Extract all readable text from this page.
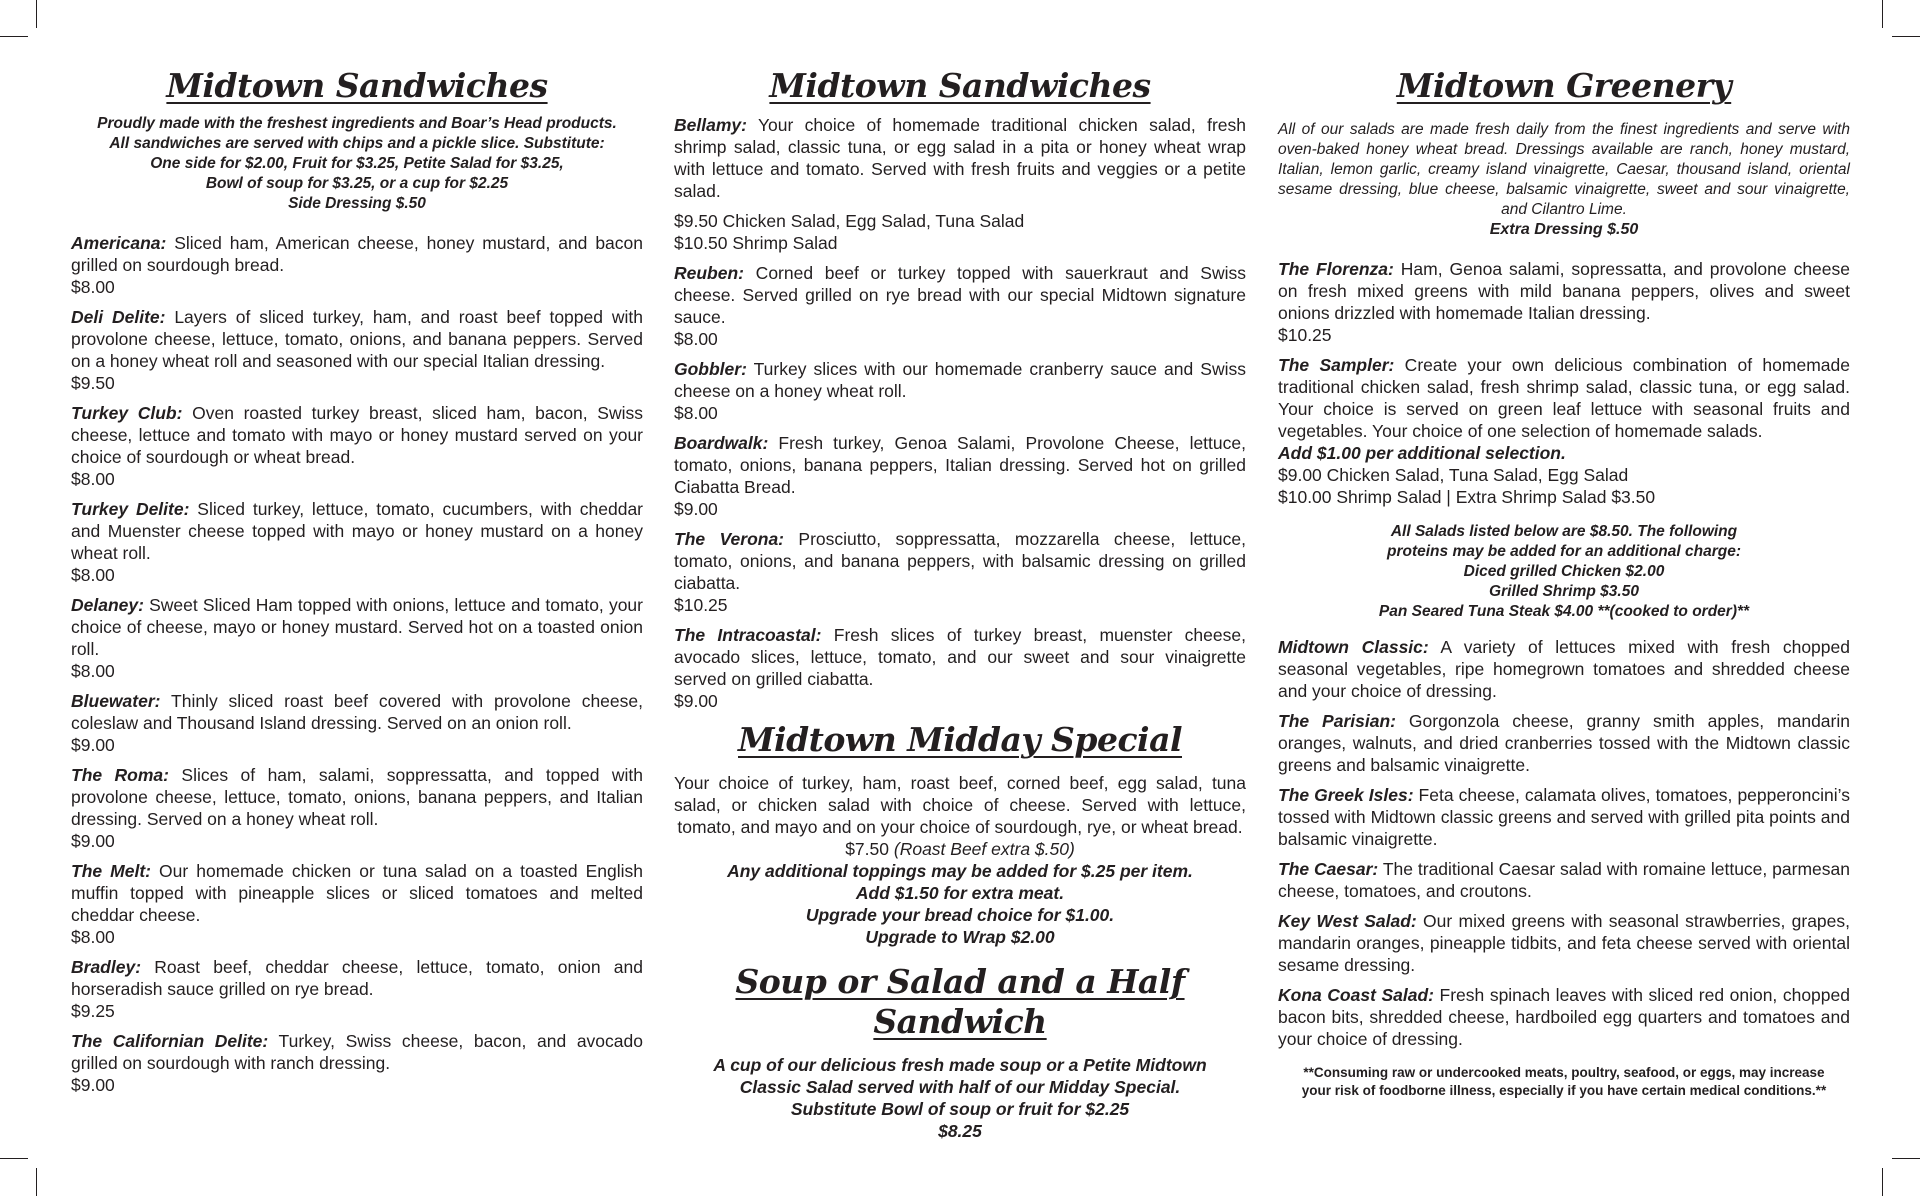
Midtown Sandwiches

Proudly made with the freshest ingredients and Boar’s Head products.

All sandwiches are served with chips and a pickle slice. Substitute:

One side for $2.00, Fruit for $3.25, Petite Salad for $3.25,

Bowl of soup for $3.25, or a cup for $2.25

Side Dressing $.50

Americana: Sliced ham, American cheese, honey mustard, and bacon grilled on sourdough bread.
$8.00
Deli Delite: Layers of sliced turkey, ham, and roast beef topped with provolone cheese, lettuce, tomato, onions, and banana peppers. Served on a honey wheat roll and seasoned with our special Italian dressing.
$9.50
Turkey Club: Oven roasted turkey breast, sliced ham, bacon, Swiss cheese, lettuce and tomato with mayo or honey mustard served on your choice of sourdough or wheat bread.
$8.00
Turkey Delite: Sliced turkey, lettuce, tomato, cucumbers, with cheddar and Muenster cheese topped with mayo or honey mustard on a honey wheat roll.
$8.00
Delaney: Sweet Sliced Ham topped with onions, lettuce and tomato, your choice of cheese, mayo or honey mustard. Served hot on a toasted onion roll.
$8.00
Bluewater: Thinly sliced roast beef covered with provolone cheese, coleslaw and Thousand Island dressing. Served on an onion roll.
$9.00
The Roma: Slices of ham, salami, soppressatta, and topped with provolone cheese, lettuce, tomato, onions, banana peppers, and Italian dressing. Served on a honey wheat roll.
$9.00
The Melt: Our homemade chicken or tuna salad on a toasted English muffin topped with pineapple slices or sliced tomatoes and melted cheddar cheese.
$8.00
Bradley: Roast beef, cheddar cheese, lettuce, tomato, onion and horseradish sauce grilled on rye bread.
$9.25
The Californian Delite: Turkey, Swiss cheese, bacon, and avocado grilled on sourdough with ranch dressing.
$9.00
Midtown Sandwiches
Bellamy: Your choice of homemade traditional chicken salad, fresh shrimp salad, classic tuna, or egg salad in a pita or honey wheat wrap with lettuce and tomato. Served with fresh fruits and veggies or a petite salad.
$9.50 Chicken Salad, Egg Salad, Tuna Salad
$10.50 Shrimp Salad
Reuben: Corned beef or turkey topped with sauerkraut and Swiss cheese. Served grilled on rye bread with our special Midtown signature sauce.
$8.00
Gobbler: Turkey slices with our homemade cranberry sauce and Swiss cheese on a honey wheat roll.
$8.00
Boardwalk: Fresh turkey, Genoa Salami, Provolone Cheese, lettuce, tomato, onions, banana peppers, Italian dressing. Served hot on grilled Ciabatta Bread.
$9.00
The Verona: Prosciutto, soppressatta, mozzarella cheese, lettuce, tomato, onions, and banana peppers, with balsamic dressing on grilled ciabatta.
$10.25
The Intracoastal: Fresh slices of turkey breast, muenster cheese, avocado slices, lettuce, tomato, and our sweet and sour vinaigrette served on grilled ciabatta.
$9.00
Midtown Midday Special

Your choice of turkey, ham, roast beef, corned beef, egg salad, tuna salad, or chicken salad with choice of cheese. Served with lettuce, tomato, and mayo and on your choice of sourdough, rye, or wheat bread.

$7.50 (Roast Beef extra $.50)

Any additional toppings may be added for $.25 per item.

Add $1.50 for extra meat.

Upgrade your bread choice for $1.00.

Upgrade to Wrap $2.00

Soup or Salad and a Half Sandwich

A cup of our delicious fresh made soup or a Petite Midtown

Classic Salad served with half of our Midday Special.

Substitute Bowl of soup or fruit for $2.25

$8.25

Midtown Greenery

All of our salads are made fresh daily from the finest ingredients and serve with oven-baked honey wheat bread. Dressings available are ranch, honey mustard, Italian, lemon garlic, creamy island vinaigrette, Caesar, thousand island, oriental sesame dressing, blue cheese, balsamic vinaigrette, sweet and sour vinaigrette, and Cilantro Lime.

Extra Dressing $.50

The Florenza: Ham, Genoa salami, sopressatta, and provolone cheese on fresh mixed greens with mild banana peppers, olives and sweet onions drizzled with homemade Italian dressing.
$10.25
The Sampler: Create your own delicious combination of homemade traditional chicken salad, fresh shrimp salad, classic tuna, or egg salad. Your choice is served on green leaf lettuce with seasonal fruits and vegetables. Your choice of one selection of homemade salads.
Add $1.00 per additional selection.
$9.00 Chicken Salad, Tuna Salad, Egg Salad
$10.00 Shrimp Salad | Extra Shrimp Salad $3.50

All Salads listed below are $8.50. The following

proteins may be added for an additional charge:

Diced grilled Chicken $2.00

Grilled Shrimp $3.50

Pan Seared Tuna Steak $4.00 **(cooked to order)**

Midtown Classic: A variety of lettuces mixed with fresh chopped seasonal vegetables, ripe homegrown tomatoes and shredded cheese and your choice of dressing.
The Parisian: Gorgonzola cheese, granny smith apples, mandarin oranges, walnuts, and dried cranberries tossed with the Midtown classic greens and balsamic vinaigrette.
The Greek Isles: Feta cheese, calamata olives, tomatoes, pepperoncini’s tossed with Midtown classic greens and served with grilled pita points and balsamic vinaigrette.
The Caesar: The traditional Caesar salad with romaine lettuce, parmesan cheese, tomatoes, and croutons.
Key West Salad: Our mixed greens with seasonal strawberries, grapes, mandarin oranges, pineapple tidbits, and feta cheese served with oriental sesame dressing.
Kona Coast Salad: Fresh spinach leaves with sliced red onion, chopped bacon bits, shredded cheese, hardboiled egg quarters and tomatoes and your choice of dressing.

**Consuming raw or undercooked meats, poultry, seafood, or eggs, may increase

your risk of foodborne illness, especially if you have certain medical conditions.**
